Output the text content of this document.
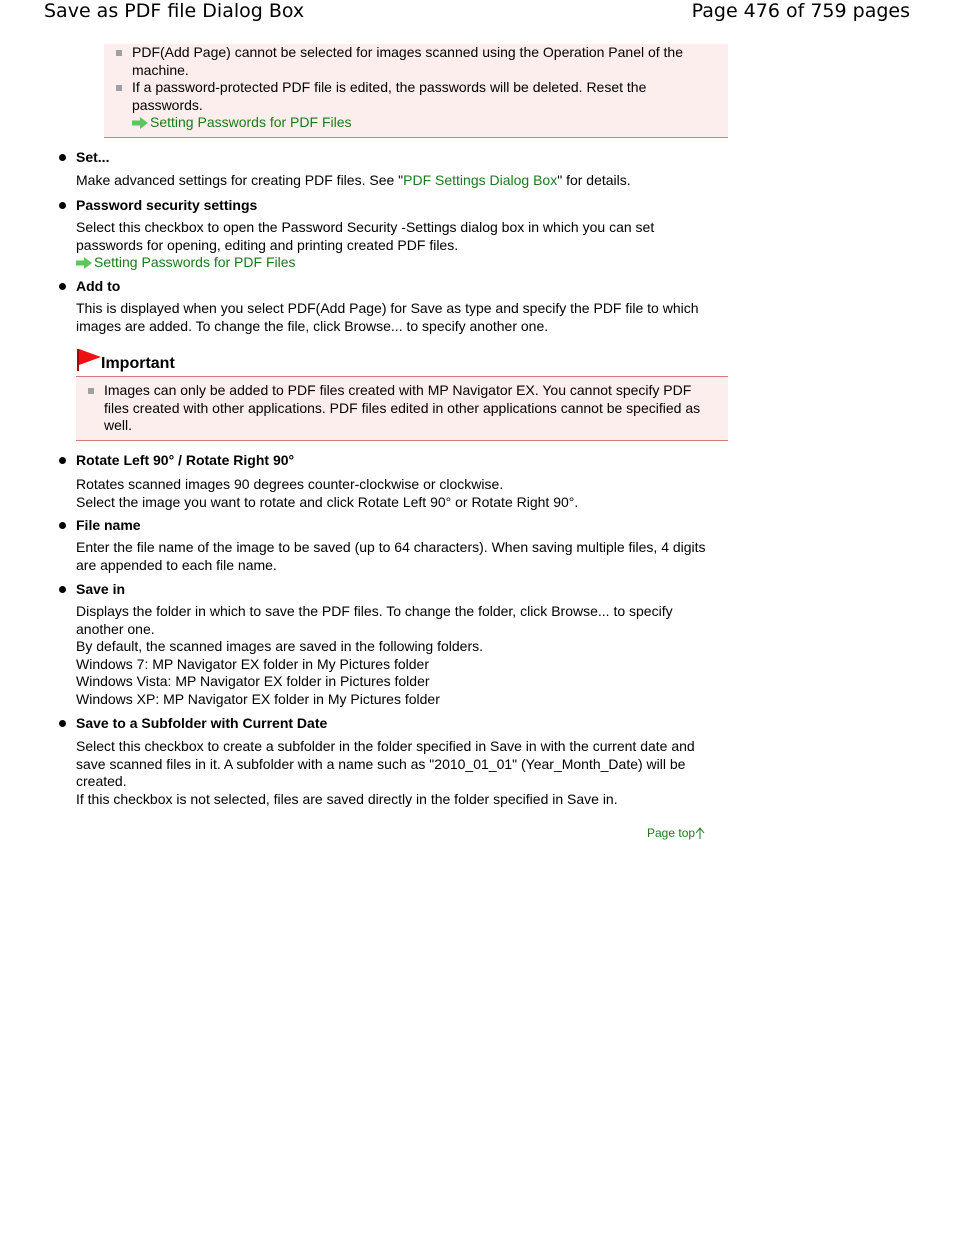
Save as PDF file Dialog Box	Page 476 of 759 pages
PDF(Add Page) cannot be selected for images scanned using the Operation Panel of the
machine.
If a password-protected PDF file is edited, the passwords will be deleted. Reset the
passwords.
Setting Passwords for PDF Files
Set...
Make advanced settings for creating PDF files. See "PDF Settings Dialog Box" for details.
Password security settings
Select this checkbox to open the Password Security -Settings dialog box in which you can set
passwords for opening, editing and printing created PDF files.
Setting Passwords for PDF Files
Add to
This is displayed when you select PDF(Add Page) for Save as type and specify the PDF file to which
images are added. To change the file, click Browse... to specify another one.
Important
Images can only be added to PDF files created with MP Navigator EX. You cannot specify PDF
files created with other applications. PDF files edited in other applications cannot be specified as
well.
Rotate Left 90° / Rotate Right 90°
Rotates scanned images 90 degrees counter-clockwise or clockwise.
Select the image you want to rotate and click Rotate Left 90° or Rotate Right 90°.
File name
Enter the file name of the image to be saved (up to 64 characters). When saving multiple files, 4 digits
are appended to each file name.
Save in
Displays the folder in which to save the PDF files. To change the folder, click Browse... to specify
another one.
By default, the scanned images are saved in the following folders.
Windows 7: MP Navigator EX folder in My Pictures folder
Windows Vista: MP Navigator EX folder in Pictures folder
Windows XP: MP Navigator EX folder in My Pictures folder
Save to a Subfolder with Current Date
Select this checkbox to create a subfolder in the folder specified in Save in with the current date and
save scanned files in it. A subfolder with a name such as "2010_01_01" (Year_Month_Date) will be
created.
If this checkbox is not selected, files are saved directly in the folder specified in Save in.
Page top
